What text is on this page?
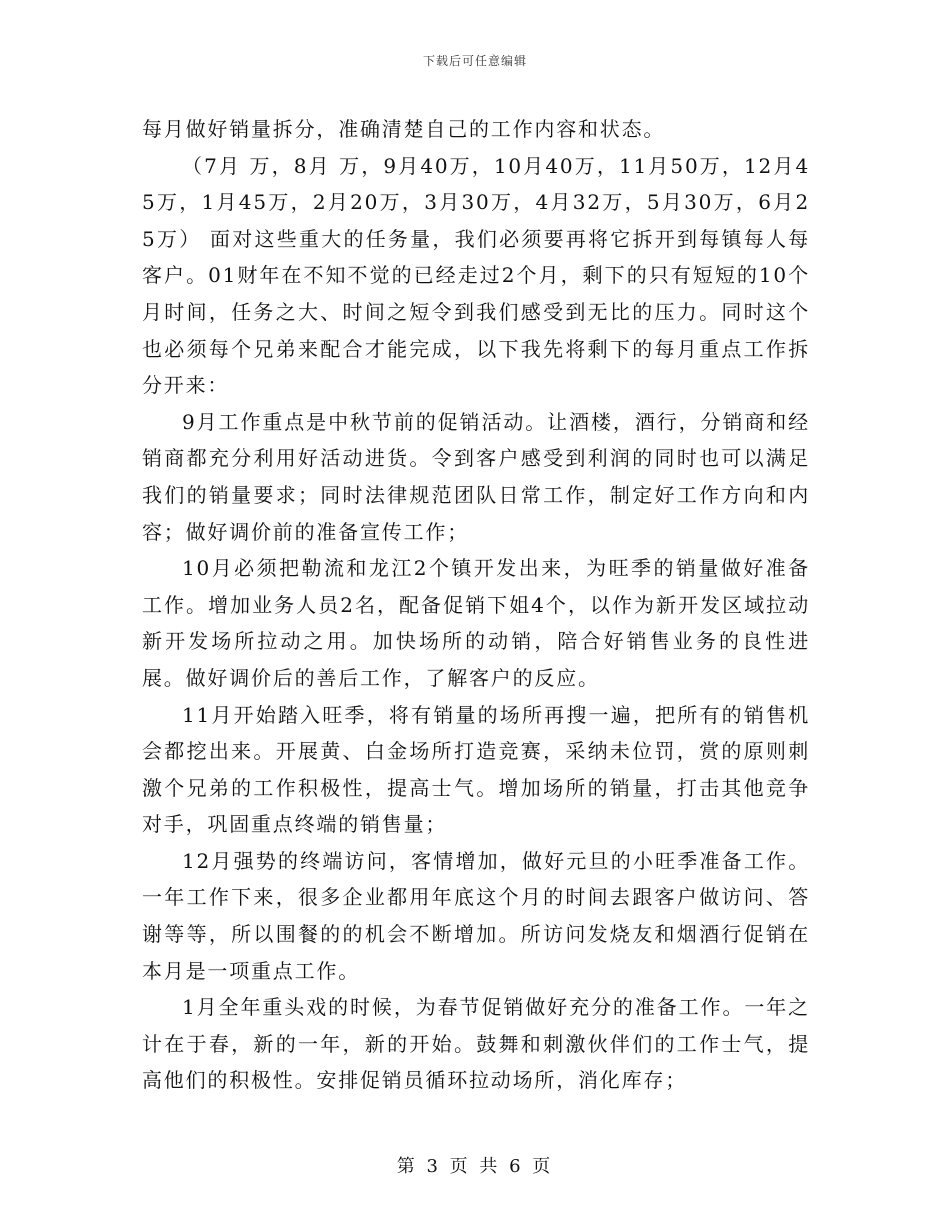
下载后可任意编辑

每月做好销量拆分，准确清楚自己的工作内容和状态。

（7月 万，8月 万，9月40万，10月40万，11月50万，12月45万，1月45万，2月20万，3月30万，4月32万，5月30万，6月25万） 面对这些重大的任务量，我们必须要再将它拆开到每镇每人每客户。01财年在不知不觉的已经走过2个月，剩下的只有短短的10个月时间，任务之大、时间之短令到我们感受到无比的压力。同时这个也必须每个兄弟来配合才能完成，以下我先将剩下的每月重点工作拆分开来：

9月工作重点是中秋节前的促销活动。让酒楼，酒行，分销商和经销商都充分利用好活动进货。令到客户感受到利润的同时也可以满足我们的销量要求；同时法律规范团队日常工作，制定好工作方向和内容；做好调价前的准备宣传工作；

10月必须把勒流和龙江2个镇开发出来，为旺季的销量做好准备工作。增加业务人员2名，配备促销下姐4个，以作为新开发区域拉动新开发场所拉动之用。加快场所的动销，陪合好销售业务的良性进展。做好调价后的善后工作，了解客户的反应。

11月开始踏入旺季，将有销量的场所再搜一遍，把所有的销售机会都挖出来。开展黄、白金场所打造竞赛，采纳未位罚，赏的原则刺激个兄弟的工作积极性，提高士气。增加场所的销量，打击其他竞争对手，巩固重点终端的销售量；

12月强势的终端访问，客情增加，做好元旦的小旺季准备工作。一年工作下来，很多企业都用年底这个月的时间去跟客户做访问、答谢等等，所以围餐的的机会不断增加。所访问发烧友和烟酒行促销在本月是一项重点工作。

1月全年重头戏的时候，为春节促销做好充分的准备工作。一年之计在于春，新的一年，新的开始。鼓舞和刺激伙伴们的工作士气，提高他们的积极性。安排促销员循环拉动场所，消化库存；

第 3 页 共 6 页
